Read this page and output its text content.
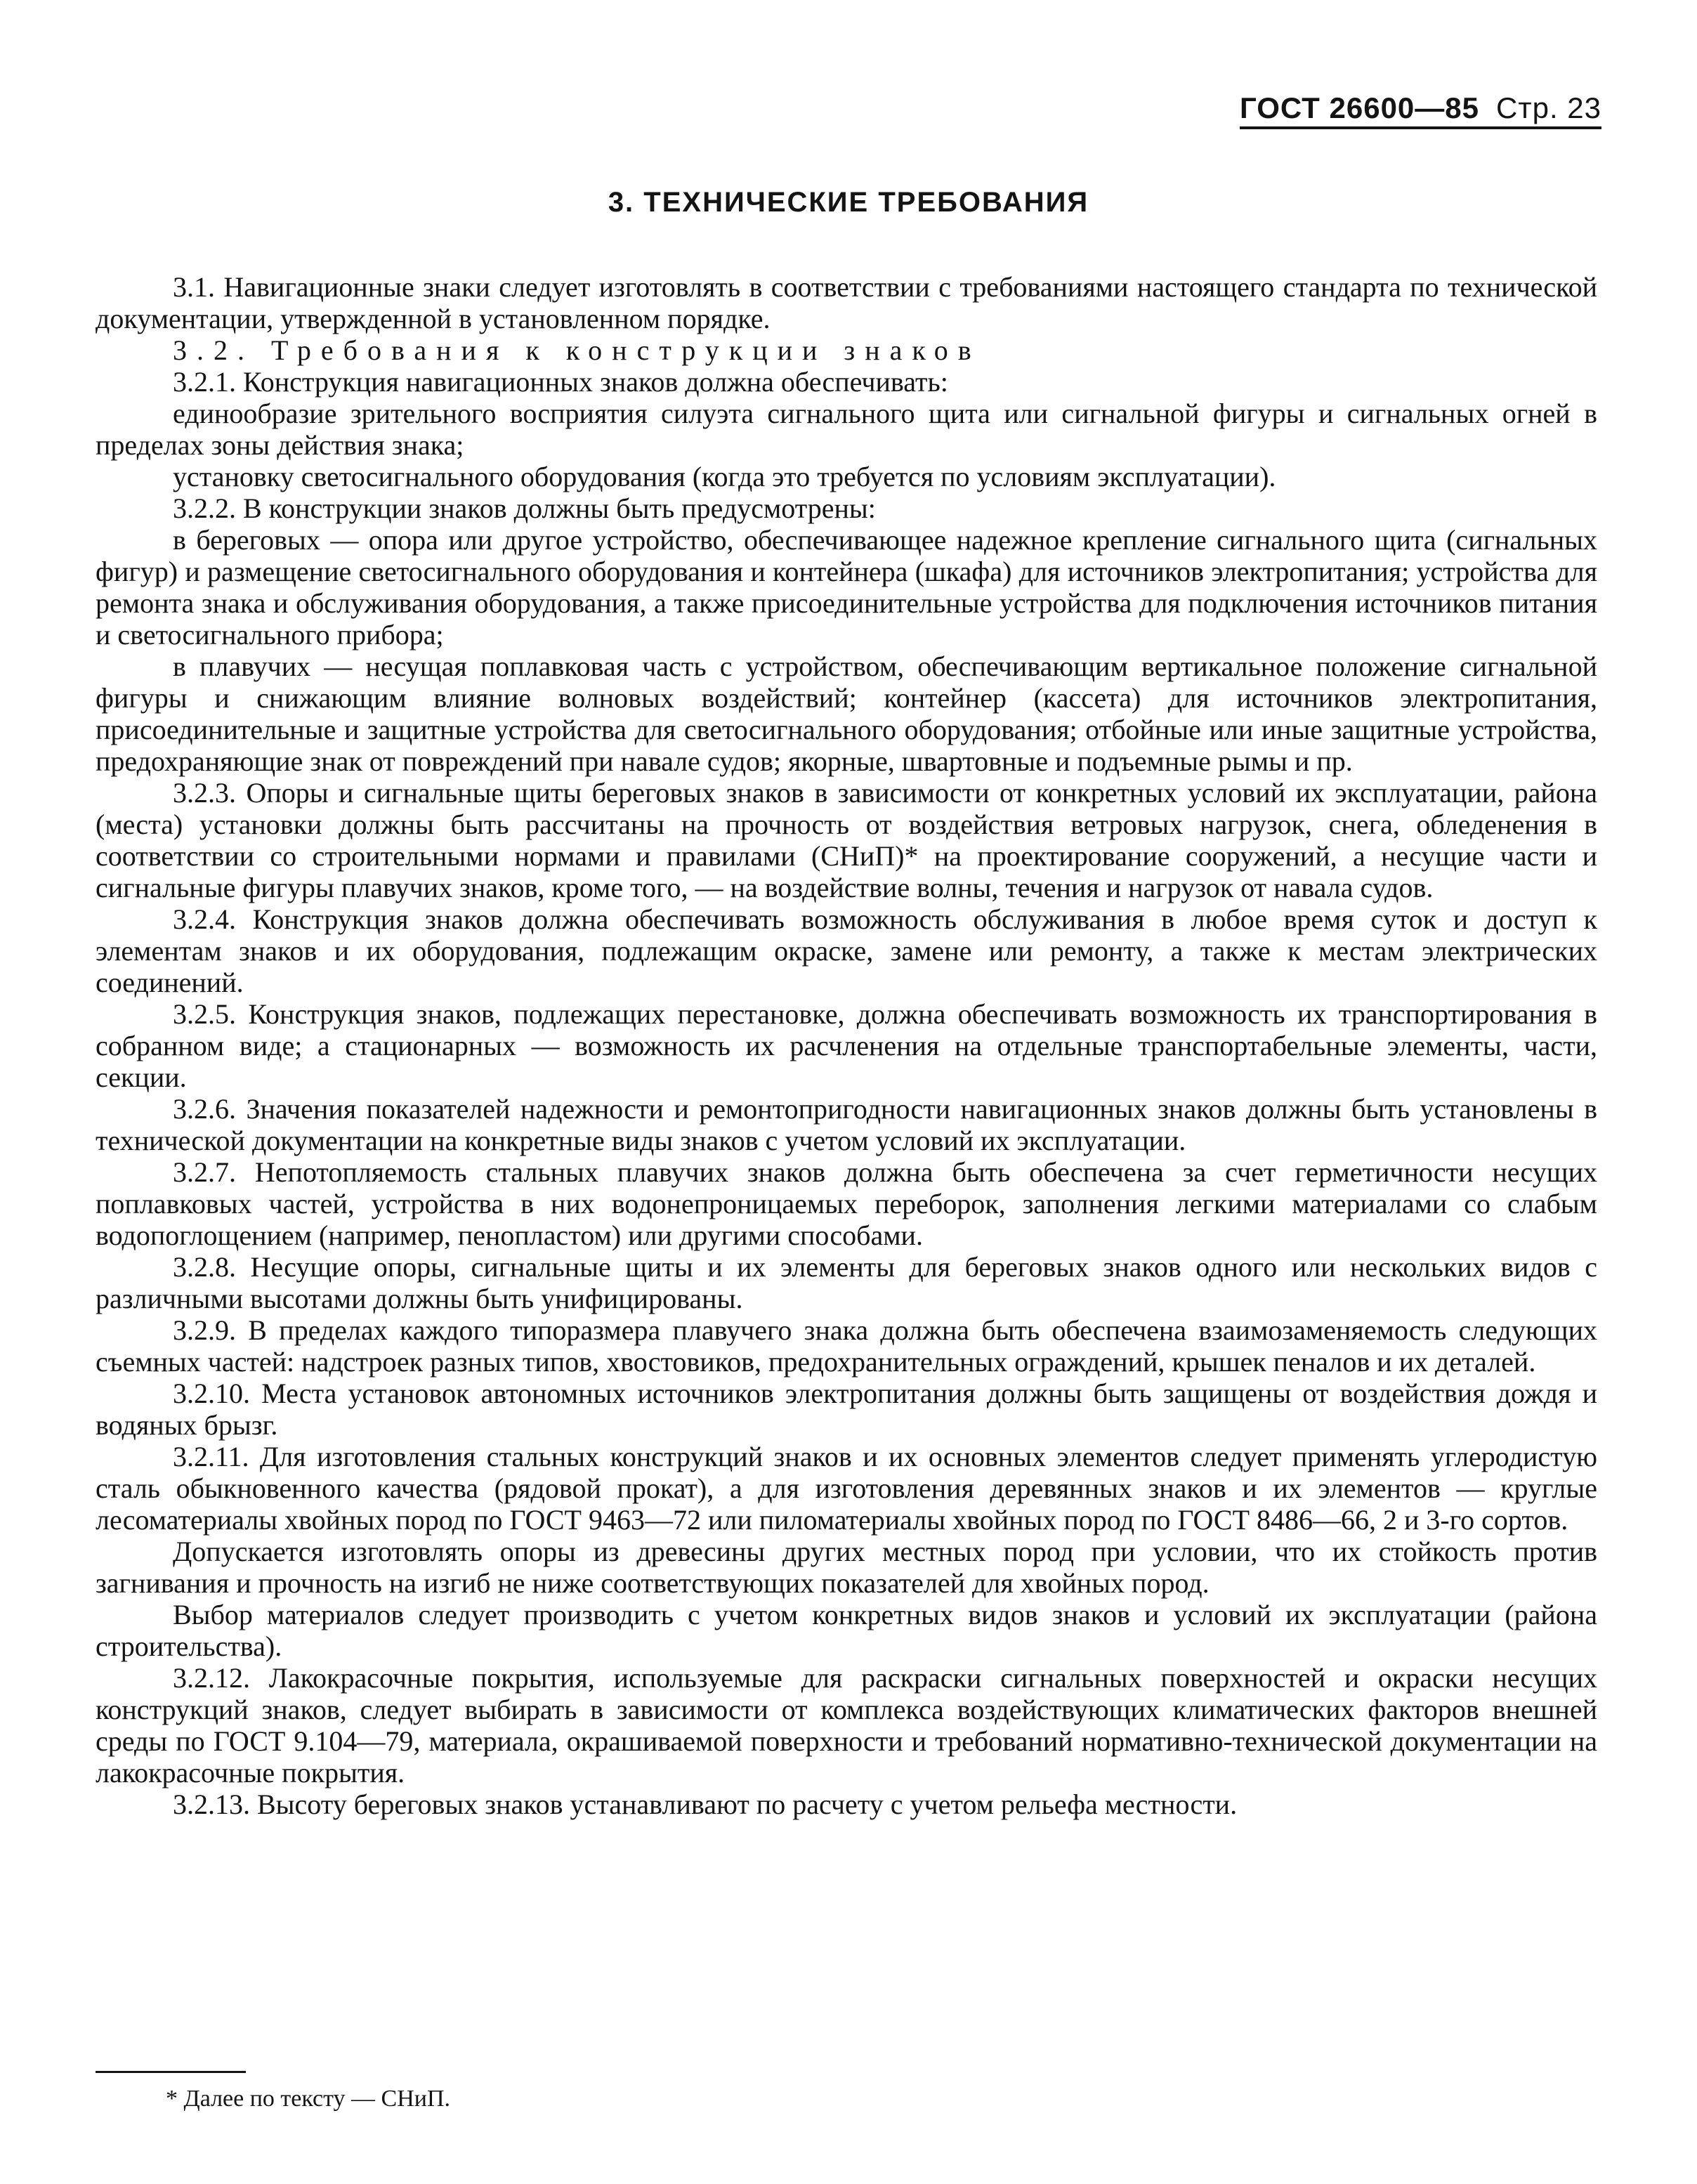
ГОСТ 26600—85 Стр. 23
3. ТЕХНИЧЕСКИЕ ТРЕБОВАНИЯ

3.1. Навигационные знаки следует изготовлять в соответствии с требованиями настоящего стандарта по технической документации, утвержденной в установленном порядке.

3.2. Требования к конструкции знаков

3.2.1. Конструкция навигационных знаков должна обеспечивать:

единообразие зрительного восприятия силуэта сигнального щита или сигнальной фигуры и сигнальных огней в пределах зоны действия знака;

установку светосигнального оборудования (когда это требуется по условиям эксплуатации).

3.2.2. В конструкции знаков должны быть предусмотрены:

в береговых — опора или другое устройство, обеспечивающее надежное крепление сигнального щита (сигнальных фигур) и размещение светосигнального оборудования и контейнера (шкафа) для источников электропитания; устройства для ремонта знака и обслуживания оборудования, а также присоединительные устройства для подключения источников питания и светосигнального прибора;

в плавучих — несущая поплавковая часть с устройством, обеспечивающим вертикальное положение сигнальной фигуры и снижающим влияние волновых воздействий; контейнер (кассета) для источников электропитания, присоединительные и защитные устройства для светосигнального оборудования; отбойные или иные защитные устройства, предохраняющие знак от повреждений при навале судов; якорные, швартовные и подъемные рымы и пр.

3.2.3. Опоры и сигнальные щиты береговых знаков в зависимости от конкретных условий их эксплуатации, района (места) установки должны быть рассчитаны на прочность от воздействия ветровых нагрузок, снега, обледенения в соответствии со строительными нормами и правилами (СНиП)* на проектирование сооружений, а несущие части и сигнальные фигуры плавучих знаков, кроме того, — на воздействие волны, течения и нагрузок от навала судов.

3.2.4. Конструкция знаков должна обеспечивать возможность обслуживания в любое время суток и доступ к элементам знаков и их оборудования, подлежащим окраске, замене или ремонту, а также к местам электрических соединений.

3.2.5. Конструкция знаков, подлежащих перестановке, должна обеспечивать возможность их транспортирования в собранном виде; а стационарных — возможность их расчленения на отдельные транспортабельные элементы, части, секции.

3.2.6. Значения показателей надежности и ремонтопригодности навигационных знаков должны быть установлены в технической документации на конкретные виды знаков с учетом условий их эксплуатации.

3.2.7. Непотопляемость стальных плавучих знаков должна быть обеспечена за счет герметичности несущих поплавковых частей, устройства в них водонепроницаемых переборок, заполнения легкими материалами со слабым водопоглощением (например, пенопластом) или другими способами.

3.2.8. Несущие опоры, сигнальные щиты и их элементы для береговых знаков одного или нескольких видов с различными высотами должны быть унифицированы.

3.2.9. В пределах каждого типоразмера плавучего знака должна быть обеспечена взаимозаменяемость следующих съемных частей: надстроек разных типов, хвостовиков, предохранительных ограждений, крышек пеналов и их деталей.

3.2.10. Места установок автономных источников электропитания должны быть защищены от воздействия дождя и водяных брызг.

3.2.11. Для изготовления стальных конструкций знаков и их основных элементов следует применять углеродистую сталь обыкновенного качества (рядовой прокат), а для изготовления деревянных знаков и их элементов — круглые лесоматериалы хвойных пород по ГОСТ 9463—72 или пиломатериалы хвойных пород по ГОСТ 8486—66, 2 и 3-го сортов.

Допускается изготовлять опоры из древесины других местных пород при условии, что их стойкость против загнивания и прочность на изгиб не ниже соответствующих показателей для хвойных пород.

Выбор материалов следует производить с учетом конкретных видов знаков и условий их эксплуатации (района строительства).

3.2.12. Лакокрасочные покрытия, используемые для раскраски сигнальных поверхностей и окраски несущих конструкций знаков, следует выбирать в зависимости от комплекса воздействующих климатических факторов внешней среды по ГОСТ 9.104—79, материала, окрашиваемой поверхности и требований нормативно-технической документации на лакокрасочные покрытия.

3.2.13. Высоту береговых знаков устанавливают по расчету с учетом рельефа местности.

* Далее по тексту — СНиП.
